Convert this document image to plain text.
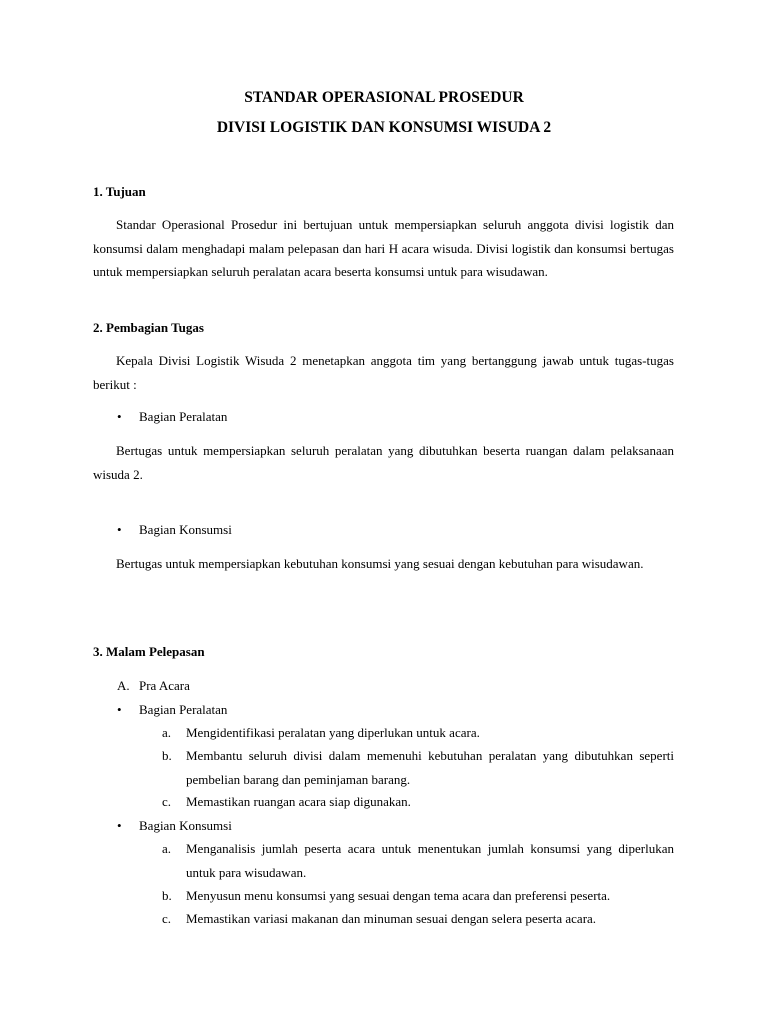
STANDAR OPERASIONAL PROSEDUR
DIVISI LOGISTIK DAN KONSUMSI WISUDA 2
1. Tujuan

Standar Operasional Prosedur ini bertujuan untuk mempersiapkan seluruh anggota divisi logistik dan konsumsi dalam menghadapi malam pelepasan dan hari H acara wisuda. Divisi logistik dan konsumsi bertugas untuk mempersiapkan seluruh peralatan acara beserta konsumsi untuk para wisudawan.

2. Pembagian Tugas

Kepala Divisi Logistik Wisuda 2 menetapkan anggota tim yang bertanggung jawab untuk tugas-tugas berikut :

• Bagian Peralatan

Bertugas untuk mempersiapkan seluruh peralatan yang dibutuhkan beserta ruangan dalam pelaksanaan wisuda 2.

• Bagian Konsumsi

Bertugas untuk mempersiapkan kebutuhan konsumsi yang sesuai dengan kebutuhan para wisudawan.

3. Malam Pelepasan
A. Pra Acara
• Bagian Peralatan
a. Mengidentifikasi peralatan yang diperlukan untuk acara.
b. Membantu seluruh divisi dalam memenuhi kebutuhan peralatan yang dibutuhkan seperti pembelian barang dan peminjaman barang.
c. Memastikan ruangan acara siap digunakan.
• Bagian Konsumsi
a. Menganalisis jumlah peserta acara untuk menentukan jumlah konsumsi yang diperlukan untuk para wisudawan.
b. Menyusun menu konsumsi yang sesuai dengan tema acara dan preferensi peserta.
c. Memastikan variasi makanan dan minuman sesuai dengan selera peserta acara.
